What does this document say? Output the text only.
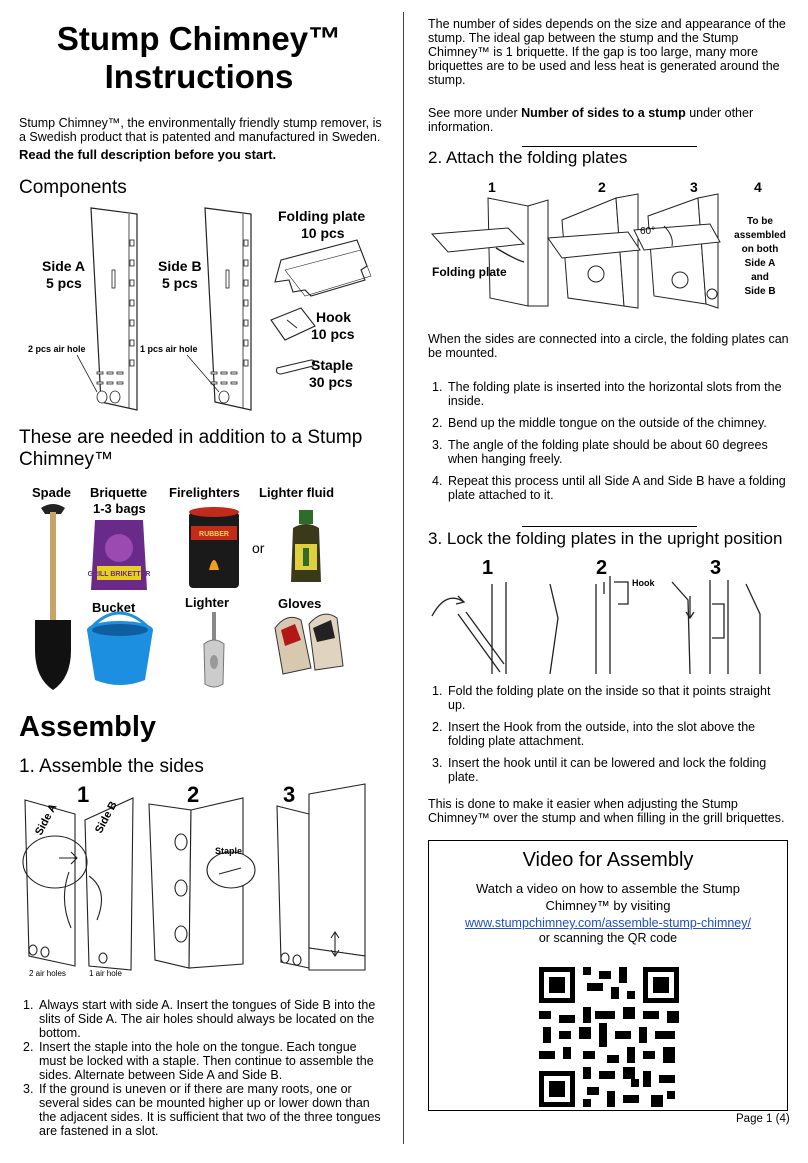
Stump Chimney™ Instructions
Stump Chimney™, the environmentally friendly stump remover, is a Swedish product that is patented and manufactured in Sweden.
Read the full description before you start.
Components
Side A
5 pcs
Side B
5 pcs
2 pcs air hole	1 pcs air hole
Folding plate
10 pcs
Hook
10 pcs
Staple
30 pcs
These are needed in addition to a Stump Chimney™
Spade Briquette
1-3 bags
Firelighters Lighter fluid
or
Bucket	Lighter	Gloves
GRILL BRIKETTER
RUBBER
Assembly
1. Assemble the sides
1	2	3
Side A	Side B
2 air holes	1 air hole
Staple
1. Always start with side A. Insert the tongues of Side B into the slits of Side A. The air holes should always be located on the bottom.
2. Insert the staple into the hole on the tongue. Each tongue must be locked with a staple. Then continue to assemble the sides. Alternate between Side A and Side B.
3. If the ground is uneven or if there are many roots, one or several sides can be mounted higher up or lower down than the adjacent sides. It is sufficient that two of the three tongues are fastened in a slot.
The number of sides depends on the size and appearance of the stump. The ideal gap between the stump and the Stump Chimney™ is 1 briquette. If the gap is too large, many more briquettes are to be used and less heat is generated around the stump.
See more under Number of sides to a stump under other information.
2. Attach the folding plates
1	2	3	4
60°
Folding plate
To be
assembled
on both
Side A
and
Side B
When the sides are connected into a circle, the folding plates can be mounted.
1. The folding plate is inserted into the horizontal slots from the inside.
2. Bend up the middle tongue on the outside of the chimney.
3. The angle of the folding plate should be about 60 degrees when hanging freely.
4. Repeat this process until all Side A and Side B have a folding plate attached to it.
3. Lock the folding plates in the upright position
1	2	3
Hook
1. Fold the folding plate on the inside so that it points straight up.
2. Insert the Hook from the outside, into the slot above the folding plate attachment.
3. Insert the hook until it can be lowered and lock the folding plate.
This is done to make it easier when adjusting the Stump Chimney™ over the stump and when filling in the grill briquettes.
Video for Assembly
Watch a video on how to assemble the Stump Chimney™ by visiting
www.stumpchimney.com/assemble-stump-chimney/
or scanning the QR code
Page 1 (4)
